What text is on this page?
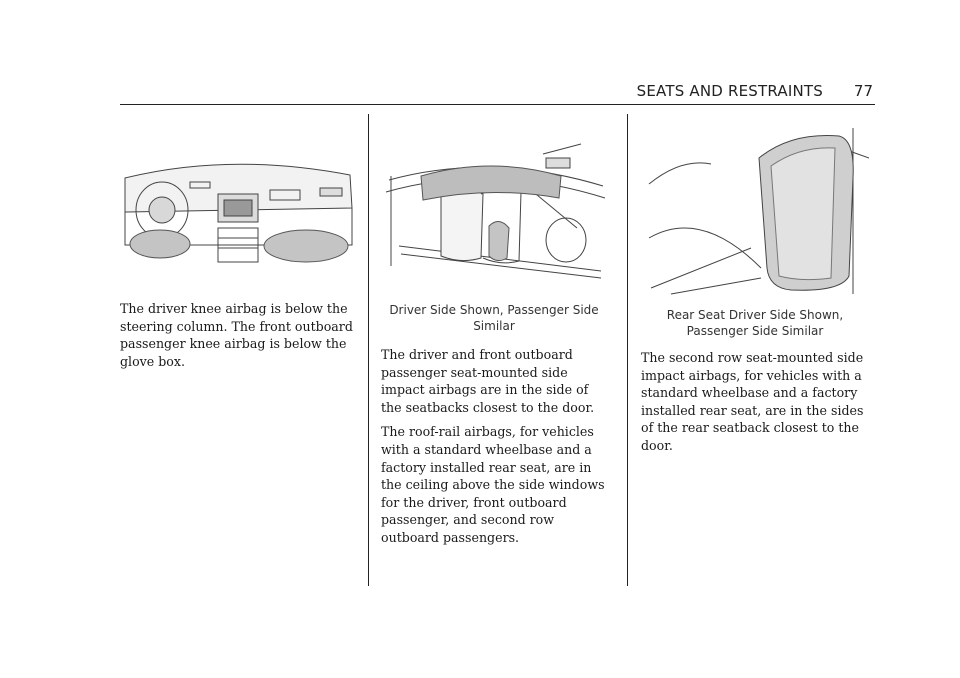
SEATS AND RESTRAINTS 77

The driver knee airbag is below the steering column. The front outboard passenger knee airbag is below the glove box.

Driver Side Shown, Passenger Side Similar

The driver and front outboard passenger seat-mounted side impact airbags are in the side of the seatbacks closest to the door.

The roof-rail airbags, for vehicles with a standard wheelbase and a factory installed rear seat, are in the ceiling above the side windows for the driver, front outboard passenger, and second row outboard passengers.

Rear Seat Driver Side Shown, Passenger Side Similar

The second row seat-mounted side impact airbags, for vehicles with a standard wheelbase and a factory installed rear seat, are in the sides of the rear seatback closest to the door.
